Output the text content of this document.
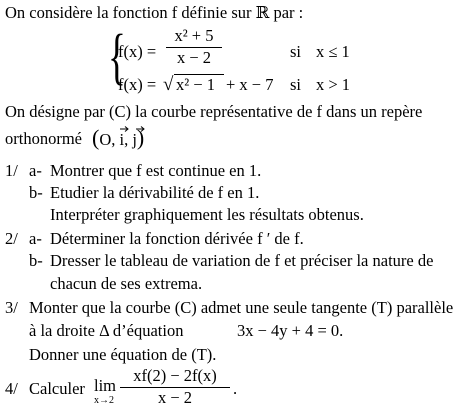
On considère la fonction f définie sur ℝ par :
{
f(x) =
x² + 5
x − 2	si x ≤ 1
f(x) = √ x² − 1 + x − 7 si x > 1
On désigne par (C) la courbe représentative de f dans un repère
orthonormé (O, i, j)
1/ a- Montrer que f est continue en 1.
b- Etudier la dérivabilité de f en 1.
Interpréter graphiquement les résultats obtenus.
2/ a- Déterminer la fonction dérivée f ′ de f.
b- Dresser le tableau de variation de f et préciser la nature de
chacun de ses extrema.
3/ Monter que la courbe (C) admet une seule tangente (T) parallèle
à la droite Δ d’équation	3x − 4y + 4 = 0.
Donner une équation de (T).
4/ Calculer lim
x→2
xf(2) − 2f(x)
x − 2	.
